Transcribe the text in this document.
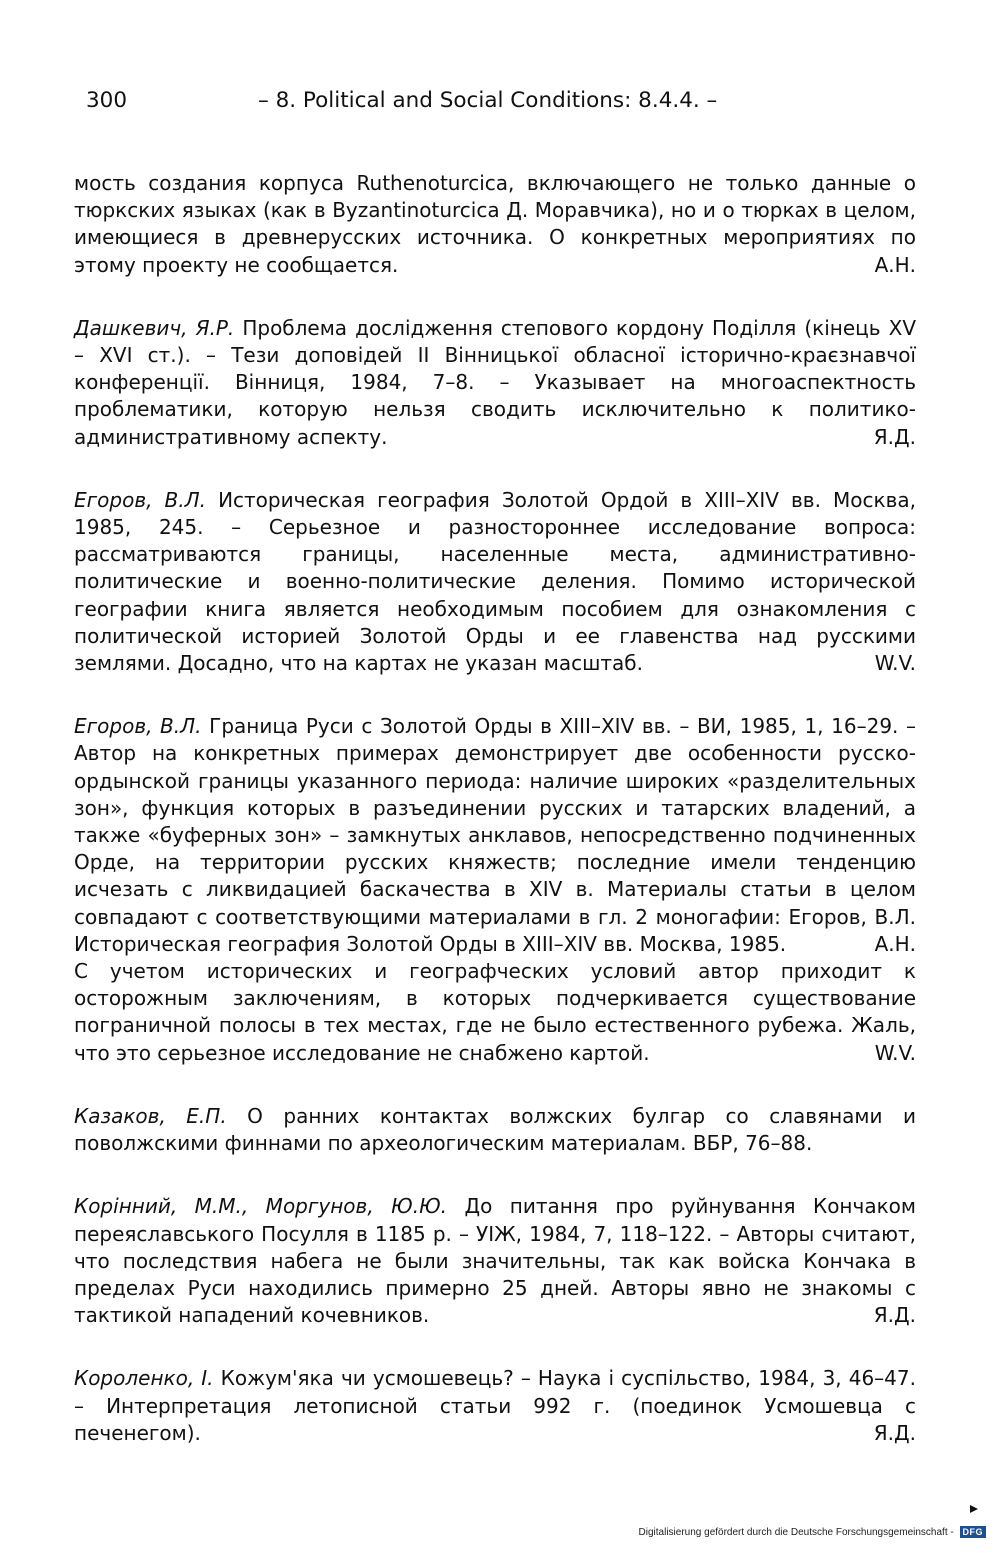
300	– 8. Political and Social Conditions: 8.4.4. –
мость создания корпуса Ruthenoturcica, включающего не только данные о тюркских языках (как в Byzantinoturcica Д. Моравчика), но и о тюрках в целом, имеющиеся в древнерусских источника. О конкретных мероприятиях по этому проекту не сообщается.	А.Н.
Дашкевич, Я.Р. Проблема дослідження степового кордону Поділля (кінець XV – XVI ст.). – Тези доповідей II Вінницької обласної історично-краєзнавчої конференції. Вінниця, 1984, 7–8. – Указывает на многоаспектность проблематики, которую нельзя сводить исключительно к политико-административному аспекту.	Я.Д.
Егоров, В.Л. Историческая география Золотой Ордой в XIII–XIV вв. Москва, 1985, 245. – Серьезное и разностороннее исследование вопроса: рассматриваются границы, населенные места, административно-политические и военно-политические деления. Помимо исторической географии книга является необходимым пособием для ознакомления с политической историей Золотой Орды и ее главенства над русскими землями. Досадно, что на картах не указан масштаб.	W.V.
Егоров, В.Л. Граница Руси с Золотой Орды в XIII–XIV вв. – ВИ, 1985, 1, 16–29. – Автор на конкретных примерах демонстрирует две особенности русско-ордынской границы указанного периода: наличие широких «разделительных зон», функция которых в разъединении русских и татарских владений, а также «буферных зон» – замкнутых анклавов, непосредственно подчиненных Орде, на территории русских княжеств; последние имели тенденцию исчезать с ликвидацией баскачества в XIV в. Материалы статьи в целом совпадают с соответствующими материалами в гл. 2 моногафии: Егоров, В.Л. Историческая география Золотой Орды в XIII–XIV вв. Москва, 1985.	А.Н.
С учетом исторических и географческих условий автор приходит к осторожным заключениям, в которых подчеркивается существование пограничной полосы в тех местах, где не было естественного рубежа. Жаль, что это серьезное исследование не снабжено картой.	W.V.
Казаков, Е.П. О ранних контактах волжских булгар со славянами и поволжскими финнами по археологическим материалам. ВБР, 76–88.
Корінний, М.М., Моргунов, Ю.Ю. До питання про руйнування Кончаком переяславського Посулля в 1185 р. – УІЖ, 1984, 7, 118–122. – Авторы считают, что последствия набега не были значительны, так как войска Кончака в пределах Руси находились примерно 25 дней. Авторы явно не знакомы с тактикой нападений кочевников.	Я.Д.
Короленко, І. Кожум'яка чи усмошевець? – Наука і суспільство, 1984, 3, 46–47. – Интерпретация летописной статьи 992 г. (поединок Усмошевца с печенегом).	Я.Д.
Digitalisierung gefördert durch die Deutsche Forschungsgemeinschaft - DFG
